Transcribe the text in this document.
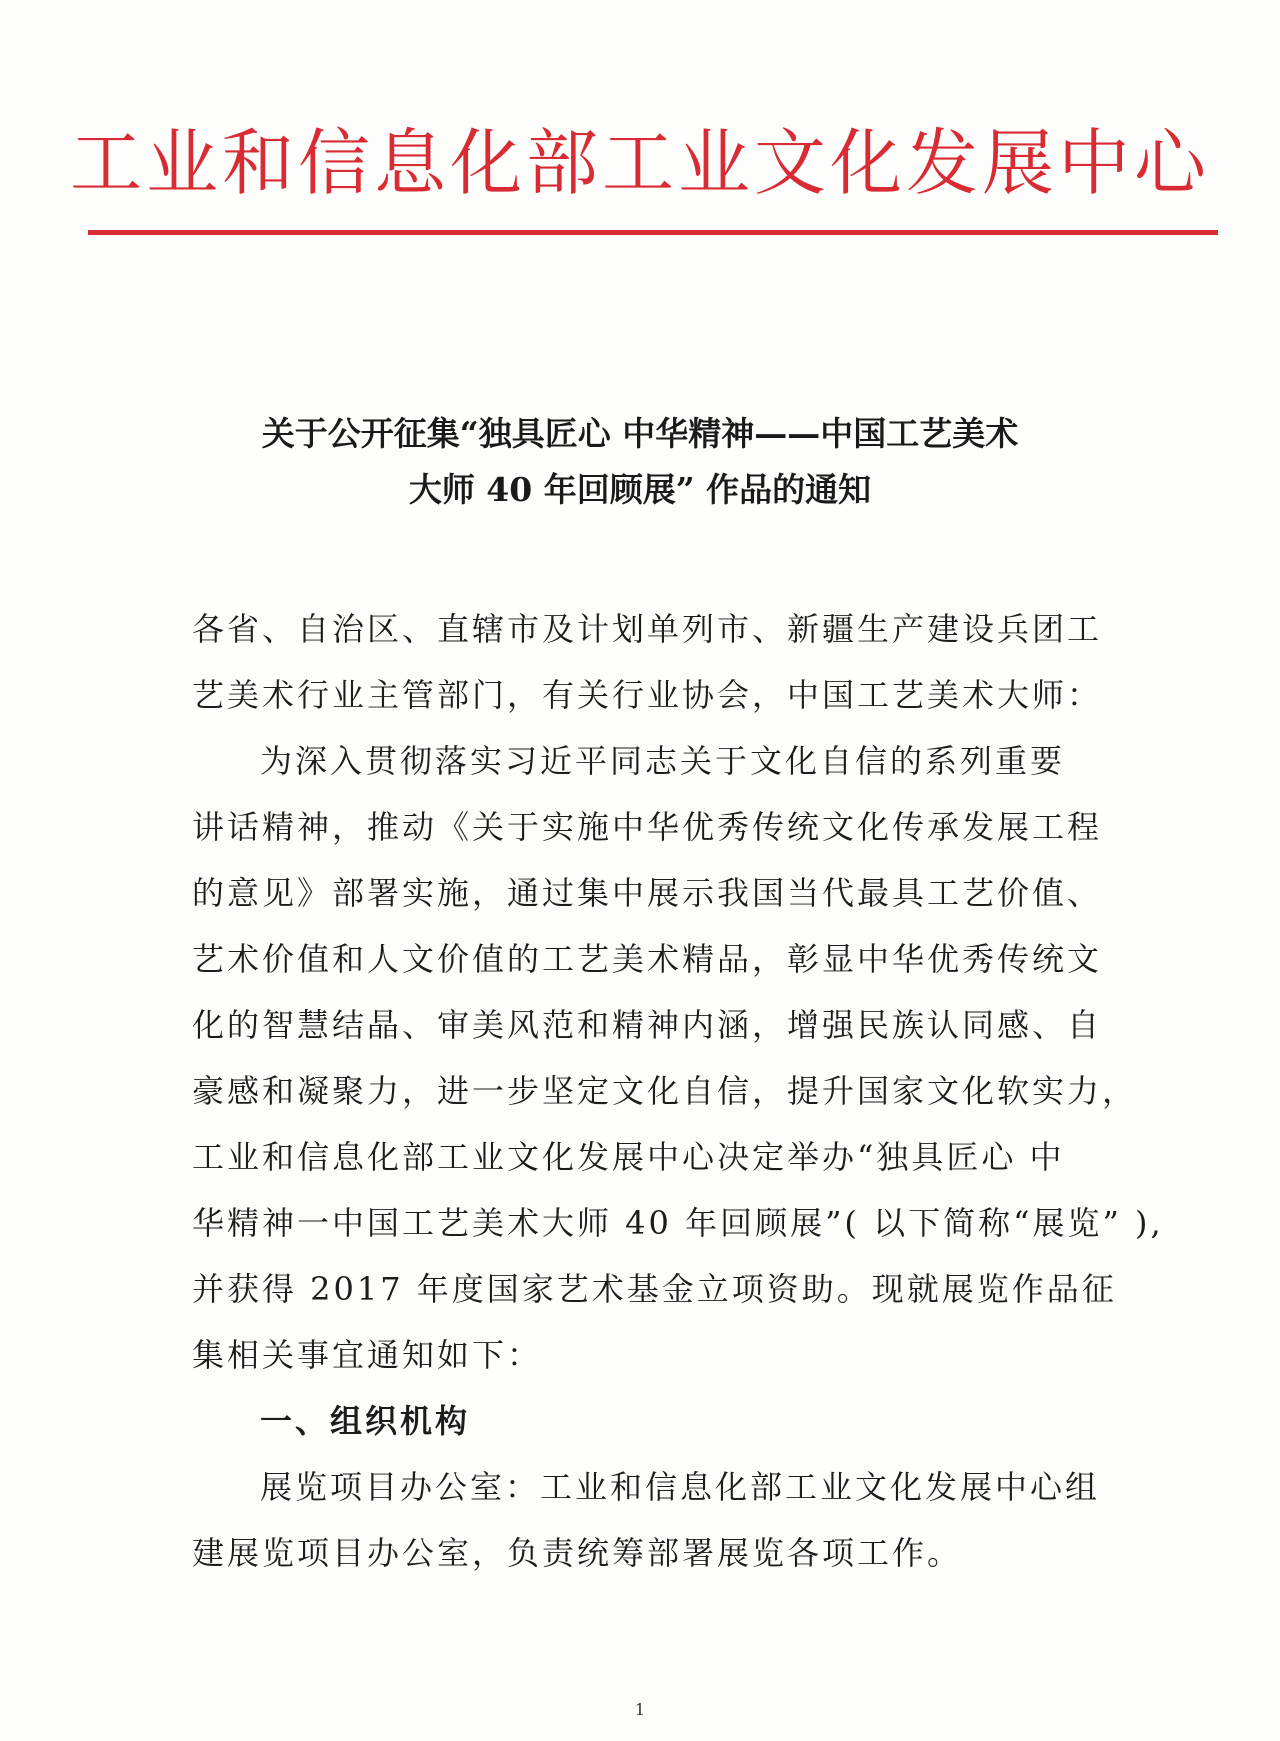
工业和信息化部工业文化发展中心
关于公开征集“独具匠心 中华精神——中国工艺美术
大师 40 年回顾展” 作品的通知
各省、自治区、直辖市及计划单列市、新疆生产建设兵团工
艺美术行业主管部门，有关行业协会，中国工艺美术大师：
为深入贯彻落实习近平同志关于文化自信的系列重要
讲话精神，推动《关于实施中华优秀传统文化传承发展工程
的意见》部署实施，通过集中展示我国当代最具工艺价值、
艺术价值和人文价值的工艺美术精品，彰显中华优秀传统文
化的智慧结晶、审美风范和精神内涵，增强民族认同感、自
豪感和凝聚力，进一步坚定文化自信，提升国家文化软实力，
工业和信息化部工业文化发展中心决定举办“独具匠心 中
华精神一中国工艺美术大师 40 年回顾展”( 以下简称“展览” ),
并获得 2017 年度国家艺术基金立项资助。现就展览作品征
集相关事宜通知如下：
一、组织机构
展览项目办公室：工业和信息化部工业文化发展中心组
建展览项目办公室，负责统筹部署展览各项工作。
1
